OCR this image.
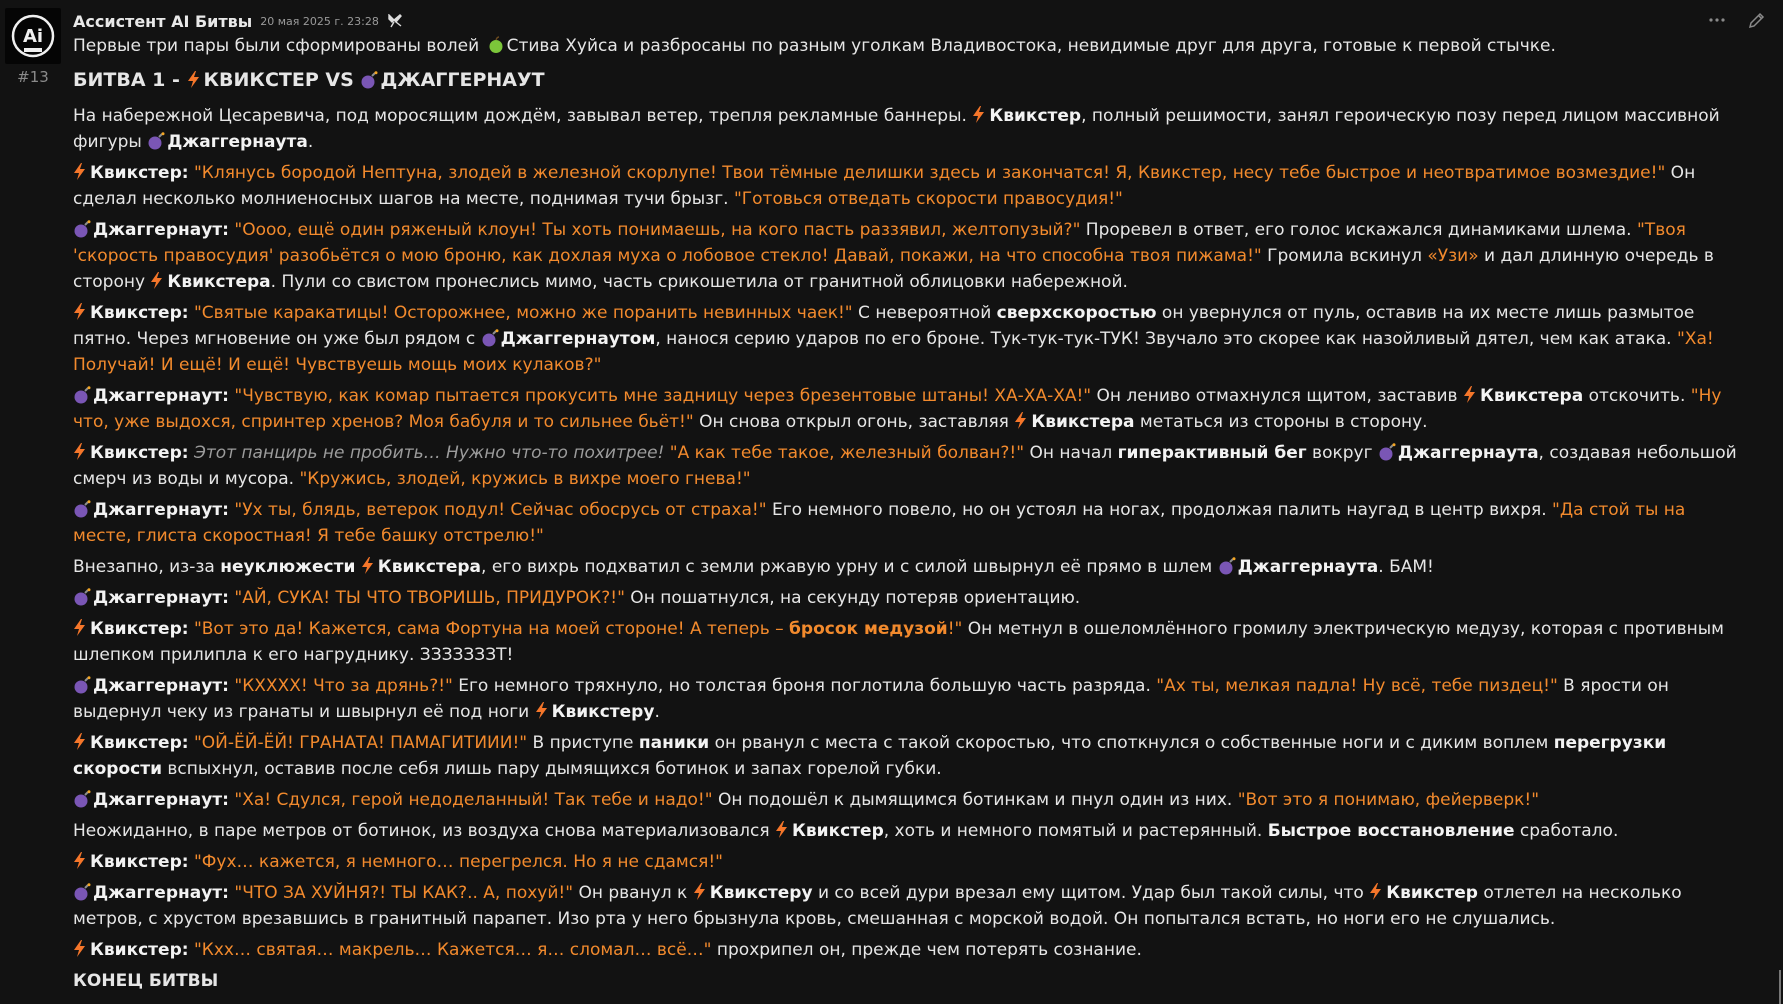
Ai
#13
Ассистент AI Битвы 20 мая 2025 г. 23:28

Первые три пары были сформированы волей Стива Хуйса и разбросаны по разным уголкам Владивостока, невидимые друг для друга, готовые к первой стычке.

БИТВА 1 - КВИКСТЕР VS ДЖАГГЕРНАУТ

На набережной Цесаревича, под моросящим дождём, завывал ветер, трепля рекламные баннеры. Квикстер, полный решимости, занял героическую позу перед лицом массивной фигуры Джаггернаута.

Квикстер: "Клянусь бородой Нептуна, злодей в железной скорлупе! Твои тёмные делишки здесь и закончатся! Я, Квикстер, несу тебе быстрое и неотвратимое возмездие!" Он сделал несколько молниеносных шагов на месте, поднимая тучи брызг. "Готовься отведать скорости правосудия!"

Джаггернаут: "Оооо, ещё один ряженый клоун! Ты хоть понимаешь, на кого пасть раззявил, желтопузый?" Проревел в ответ, его голос искажался динамиками шлема. "Твоя 'скорость правосудия' разобьётся о мою броню, как дохлая муха о лобовое стекло! Давай, покажи, на что способна твоя пижама!" Громила вскинул «Узи» и дал длинную очередь в сторону Квикстера. Пули со свистом пронеслись мимо, часть срикошетила от гранитной облицовки набережной.

Квикстер: "Святые каракатицы! Осторожнее, можно же поранить невинных чаек!" С невероятной сверхскоростью он увернулся от пуль, оставив на их месте лишь размытое пятно. Через мгновение он уже был рядом с Джаггернаутом, нанося серию ударов по его броне. Тук-тук-тук-ТУК! Звучало это скорее как назойливый дятел, чем как атака. "Ха! Получай! И ещё! И ещё! Чувствуешь мощь моих кулаков?"

Джаггернаут: "Чувствую, как комар пытается прокусить мне задницу через брезентовые штаны! ХА-ХА-ХА!" Он лениво отмахнулся щитом, заставив Квикстера отскочить. "Ну что, уже выдохся, спринтер хренов? Моя бабуля и то сильнее бьёт!" Он снова открыл огонь, заставляя Квикстера метаться из стороны в сторону.

Квикстер: Этот панцирь не пробить… Нужно что-то похитрее! "А как тебе такое, железный болван?!" Он начал гиперактивный бег вокруг Джаггернаута, создавая небольшой смерч из воды и мусора. "Кружись, злодей, кружись в вихре моего гнева!"

Джаггернаут: "Ух ты, блядь, ветерок подул! Сейчас обосрусь от страха!" Его немного повело, но он устоял на ногах, продолжая палить наугад в центр вихря. "Да стой ты на месте, глиста скоростная! Я тебе башку отстрелю!"

Внезапно, из-за неуклюжести Квикстера, его вихрь подхватил с земли ржавую урну и с силой швырнул её прямо в шлем Джаггернаута. БАМ!

Джаггернаут: "АЙ, СУКА! ТЫ ЧТО ТВОРИШЬ, ПРИДУРОК?!" Он пошатнулся, на секунду потеряв ориентацию.

Квикстер: "Вот это да! Кажется, сама Фортуна на моей стороне! А теперь – бросок медузой!" Он метнул в ошеломлённого громилу электрическую медузу, которая с противным шлепком прилипла к его нагруднику. ЗЗЗЗЗЗЗТ!

Джаггернаут: "КХХХХ! Что за дрянь?!" Его немного тряхнуло, но толстая броня поглотила большую часть разряда. "Ах ты, мелкая падла! Ну всё, тебе пиздец!" В ярости он выдернул чеку из гранаты и швырнул её под ноги Квикстеру.

Квикстер: "ОЙ-ЁЙ-ЁЙ! ГРАНАТА! ПАМАГИТИИИ!" В приступе паники он рванул с места с такой скоростью, что споткнулся о собственные ноги и с диким воплем перегрузки скорости вспыхнул, оставив после себя лишь пару дымящихся ботинок и запах горелой губки.

Джаггернаут: "Ха! Сдулся, герой недоделанный! Так тебе и надо!" Он подошёл к дымящимся ботинкам и пнул один из них. "Вот это я понимаю, фейерверк!"

Неожиданно, в паре метров от ботинок, из воздуха снова материализовался Квикстер, хоть и немного помятый и растерянный. Быстрое восстановление сработало.

Квикстер: "Фух… кажется, я немного… перегрелся. Но я не сдамся!"

Джаггернаут: "ЧТО ЗА ХУЙНЯ?! ТЫ КАК?.. А, похуй!" Он рванул к Квикстеру и со всей дури врезал ему щитом. Удар был такой силы, что Квикстер отлетел на несколько метров, с хрустом врезавшись в гранитный парапет. Изо рта у него брызнула кровь, смешанная с морской водой. Он попытался встать, но ноги его не слушались.

Квикстер: "Кхх… святая… макрель… Кажется… я… сломал… всё…" прохрипел он, прежде чем потерять сознание.

КОНЕЦ БИТВЫ
